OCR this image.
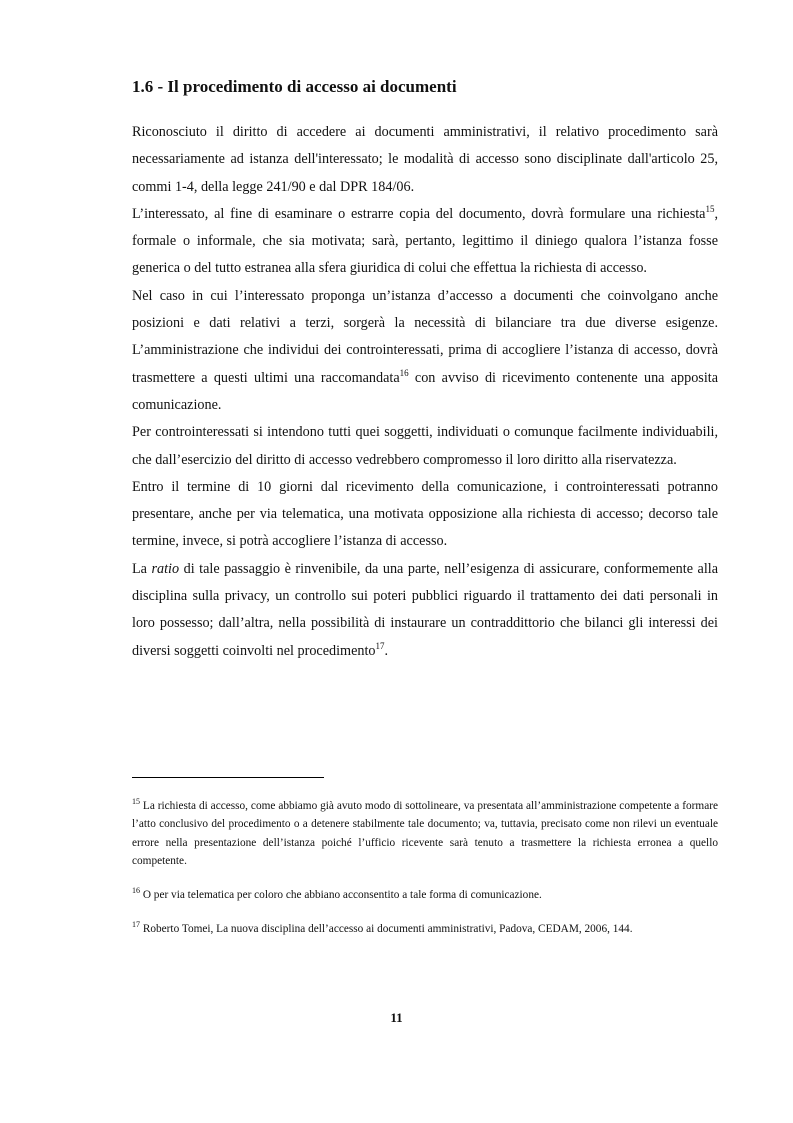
1.6 - Il procedimento di accesso ai documenti

Riconosciuto il diritto di accedere ai documenti amministrativi, il relativo procedimento sarà necessariamente ad istanza dell'interessato; le modalità di accesso sono disciplinate dall'articolo 25, commi 1-4, della legge 241/90 e dal DPR 184/06.

L’interessato, al fine di esaminare o estrarre copia del documento, dovrà formulare una richiesta$^{15}$, formale o informale, che sia motivata; sarà, pertanto, legittimo il diniego qualora l’istanza fosse generica o del tutto estranea alla sfera giuridica di colui che effettua la richiesta di accesso.

Nel caso in cui l’interessato proponga un’istanza d’accesso a documenti che coinvolgano anche posizioni e dati relativi a terzi, sorgerà la necessità di bilanciare tra due diverse esigenze. L’amministrazione che individui dei controinteressati, prima di accogliere l’istanza di accesso, dovrà trasmettere a questi ultimi una raccomandata$^{16}$ con avviso di ricevimento contenente una apposita comunicazione.

Per controinteressati si intendono tutti quei soggetti, individuati o comunque facilmente individuabili, che dall’esercizio del diritto di accesso vedrebbero compromesso il loro diritto alla riservatezza.

Entro il termine di 10 giorni dal ricevimento della comunicazione, i controinteressati potranno presentare, anche per via telematica, una motivata opposizione alla richiesta di accesso; decorso tale termine, invece, si potrà accogliere l’istanza di accesso.

La ratio di tale passaggio è rinvenibile, da una parte, nell’esigenza di assicurare, conformemente alla disciplina sulla privacy, un controllo sui poteri pubblici riguardo il trattamento dei dati personali in loro possesso; dall’altra, nella possibilità di instaurare un contraddittorio che bilanci gli interessi dei diversi soggetti coinvolti nel procedimento$^{17}$.

$^{15}$ La richiesta di accesso, come abbiamo già avuto modo di sottolineare, va presentata all’amministrazione competente a formare l’atto conclusivo del procedimento o a detenere stabilmente tale documento; va, tuttavia, precisato come non rilevi un eventuale errore nella presentazione dell’istanza poiché l’ufficio ricevente sarà tenuto a trasmettere la richiesta erronea a quello competente.

$^{16}$ O per via telematica per coloro che abbiano acconsentito a tale forma di comunicazione.

$^{17}$ Roberto Tomei, La nuova disciplina dell’accesso ai documenti amministrativi, Padova, CEDAM, 2006, 144.

11
